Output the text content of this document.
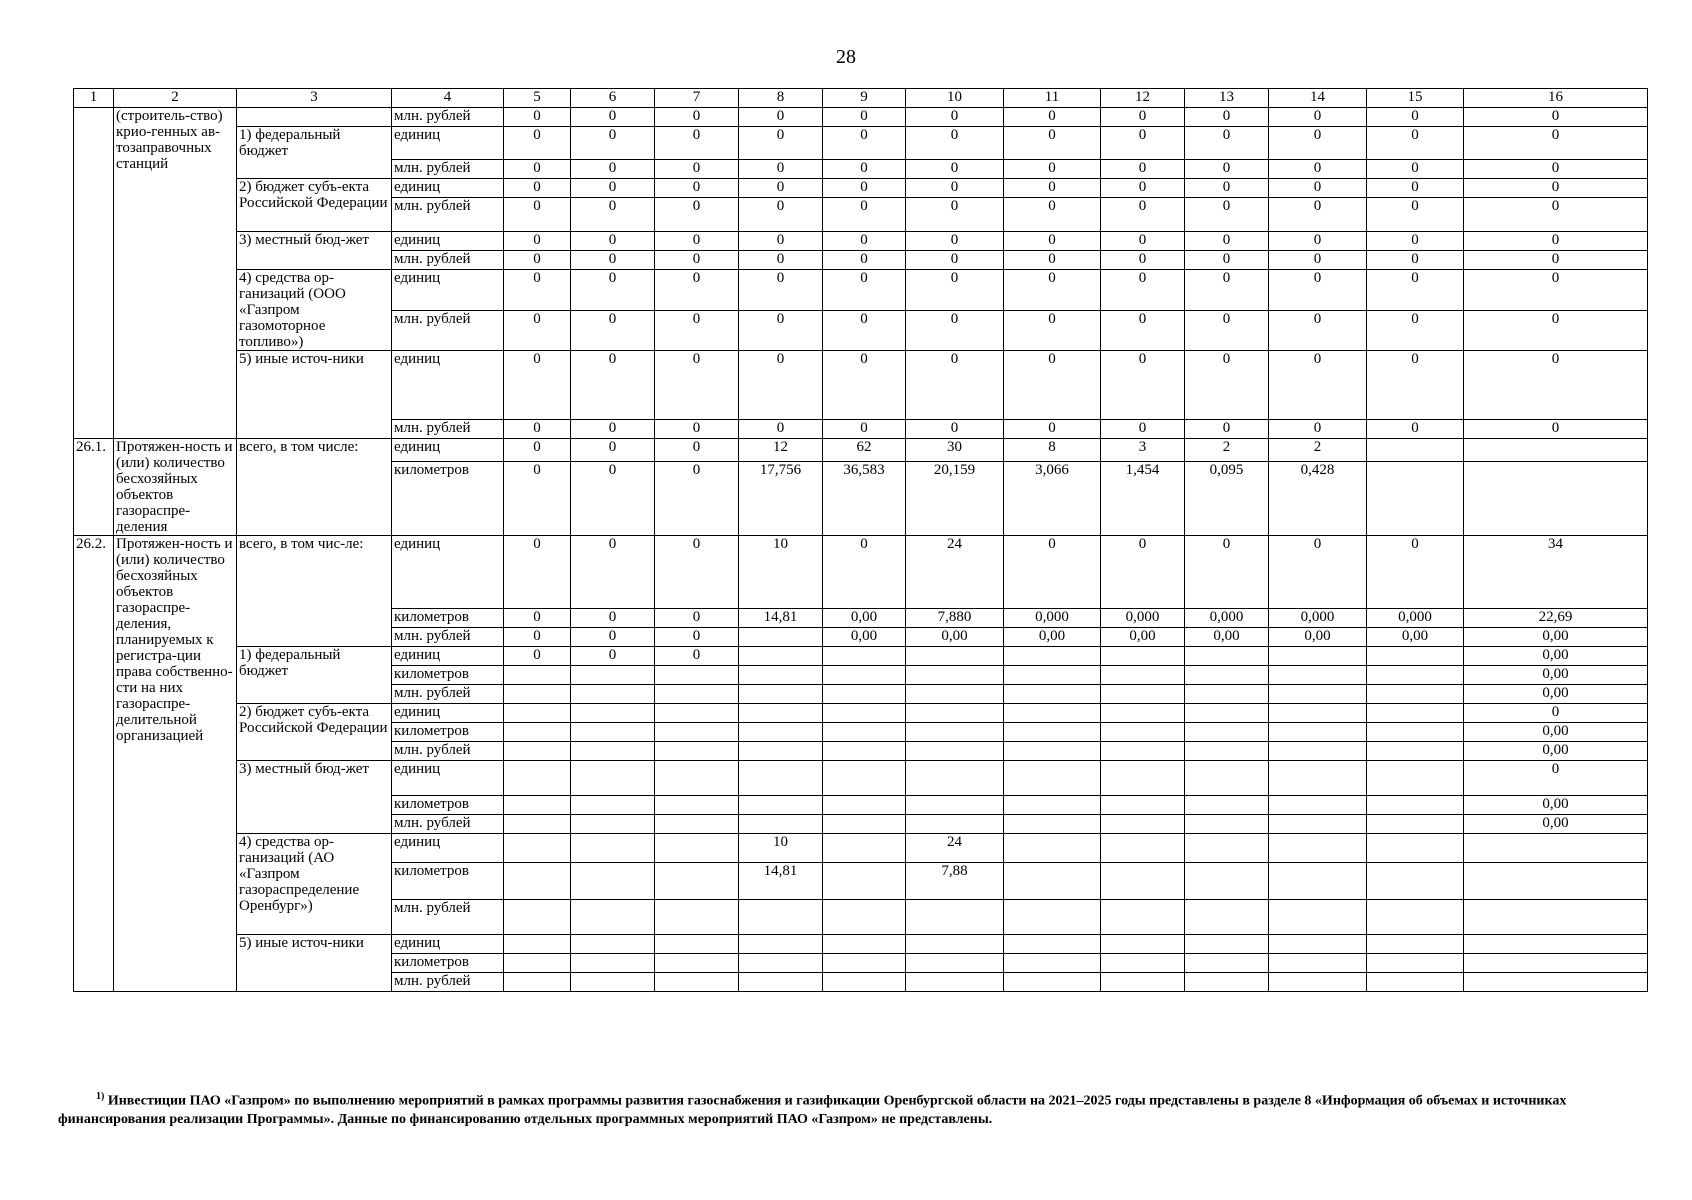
28
1	2	3	4	5	6	7	8	9	10	11	12	13	14	15	16
	(строитель-ство) крио-генных ав-тозаправочных станций		млн. рублей	0	0	0	0	0	0	0	0	0	0	0	0
		1) федеральный бюджет	единиц	0	0	0	0	0	0	0	0	0	0	0	0
			млн. рублей	0	0	0	0	0	0	0	0	0	0	0	0
		2) бюджет субъ-екта Российской Федерации	единиц	0	0	0	0	0	0	0	0	0	0	0	0
			млн. рублей	0	0	0	0	0	0	0	0	0	0	0	0
		3) местный бюд-жет	единиц	0	0	0	0	0	0	0	0	0	0	0	0
			млн. рублей	0	0	0	0	0	0	0	0	0	0	0	0
		4) средства ор-ганизаций (ООО «Газпром газомоторное топливо»)	единиц	0	0	0	0	0	0	0	0	0	0	0	0
			млн. рублей	0	0	0	0	0	0	0	0	0	0	0	0
		5) иные источ-ники	единиц	0	0	0	0	0	0	0	0	0	0	0	0
			млн. рублей	0	0	0	0	0	0	0	0	0	0	0	0
26.1.	Протяжен-ность и (или) количество бесхозяйных объектов газораспре-деления	всего, в том числе:	единиц	0	0	0	12	62	30	8	3	2	2		
			километров	0	0	0	17,756	36,583	20,159	3,066	1,454	0,095	0,428		
26.2.	Протяжен-ность и (или) количество бесхозяйных объектов газораспре-деления, планируемых к регистра-ции права собственно-сти на них газораспре-делительной организацией	всего, в том чис-ле:	единиц	0	0	0	10	0	24	0	0	0	0	0	34
			километров	0	0	0	14,81	0,00	7,880	0,000	0,000	0,000	0,000	0,000	22,69
			млн. рублей	0	0	0		0,00	0,00	0,00	0,00	0,00	0,00	0,00	0,00
		1) федеральный бюджет	единиц	0	0	0									0,00
			километров												0,00
			млн. рублей												0,00
		2) бюджет субъ-екта Российской Федерации	единиц												0
			километров												0,00
			млн. рублей												0,00
		3) местный бюд-жет	единиц												0
			километров												0,00
			млн. рублей												0,00
		4) средства ор-ганизаций (АО «Газпром газораспределение Оренбург»)	единиц				10		24						
			километров				14,81		7,88						
			млн. рублей												
		5) иные источ-ники	единиц												
			километров												
			млн. рублей												
$^{1)}$ Инвестиции ПАО «Газпром» по выполнению мероприятий в рамках программы развития газоснабжения и газификации Оренбургской области на 2021–2025 годы представлены в разделе 8 «Информация об объемах и источниках финансирования реализации Программы». Данные по финансированию отдельных программных мероприятий ПАО «Газпром» не представлены.
